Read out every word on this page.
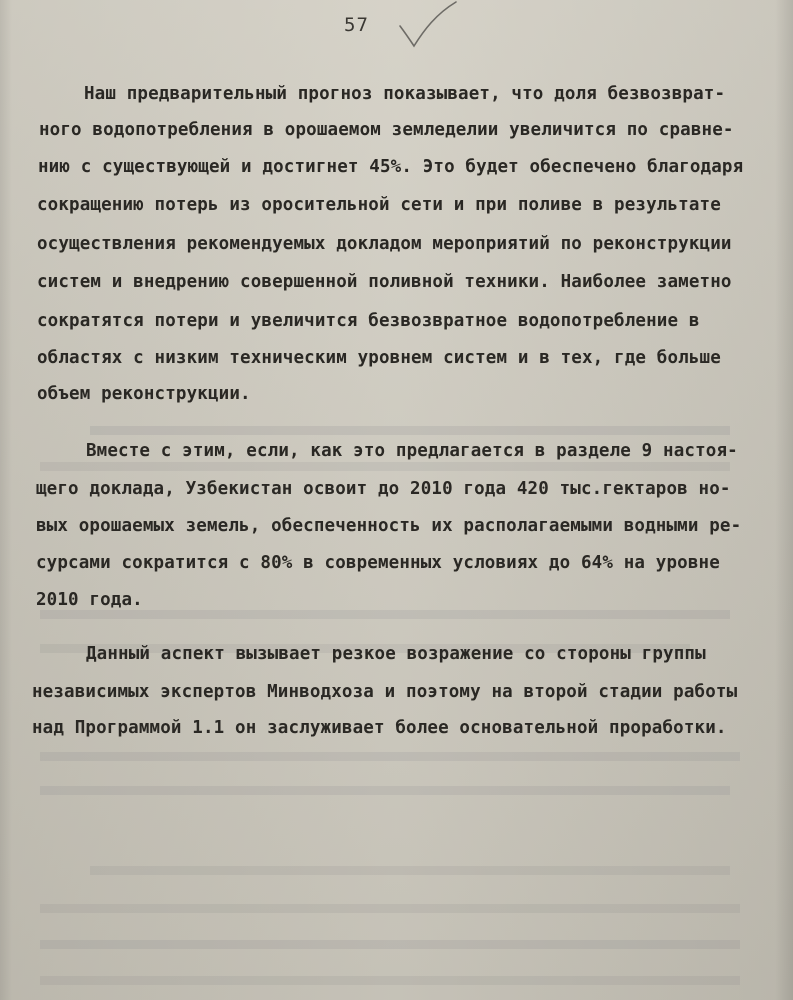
57
Наш предварительный прогноз показывает, что доля безвозврат-
ного водопотребления в орошаемом земледелии увеличится по сравне-
нию с существующей и достигнет 45%. Это будет обеспечено благодаря
сокращению потерь из оросительной сети и при поливе в результате
осуществления рекомендуемых докладом мероприятий по реконструкции
систем и внедрению совершенной поливной техники. Наиболее заметно
сократятся потери и увеличится безвозвратное водопотребление в
областях с низким техническим уровнем систем и в тех, где больше
объем реконструкции.
Вместе с этим, если, как это предлагается в разделе 9 настоя-
щего доклада, Узбекистан освоит до 2010 года 420 тыс.гектаров но-
вых орошаемых земель, обеспеченность их располагаемыми водными ре-
сурсами сократится с 80% в современных условиях до 64% на уровне
2010 года.
Данный аспект вызывает резкое возражение со стороны группы
независимых экспертов Минводхоза и поэтому на второй стадии работы
над Программой 1.1 он заслуживает более основательной проработки.
